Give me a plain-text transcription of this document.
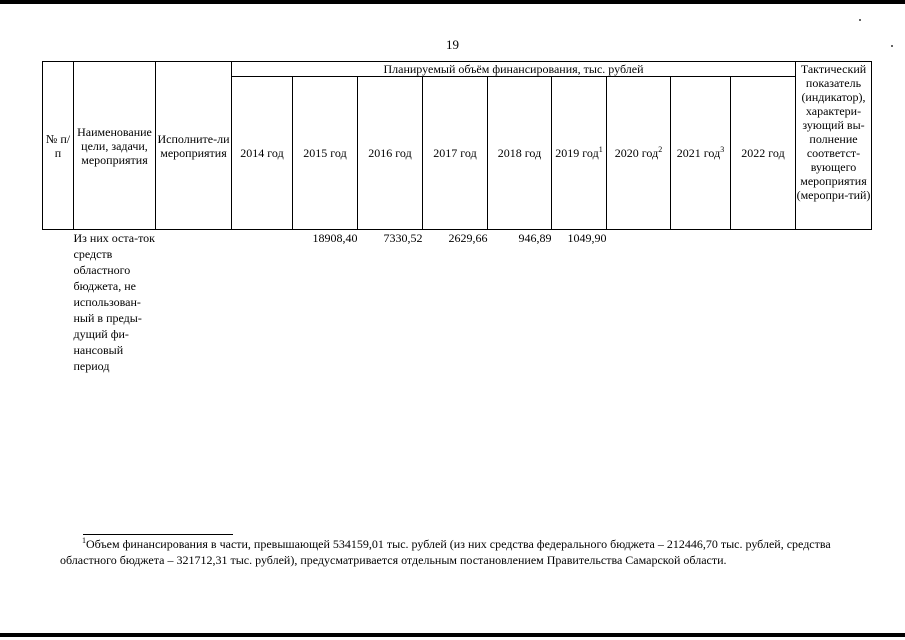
19
№ п/п	Наименование цели, задачи, мероприятия	Исполните-ли мероприятия	Планируемый объём финансирования, тыс. рублей									Тактический показатель (индикатор), характери-зующий вы-полнение соответст-вующего мероприятия (меропри-тий)
			2014 год	2015 год	2016 год	2017 год	2018 год	2019 год$^1$	2020 год$^2$	2021 год$^3$	2022 год	
	Из них оста-ток средств областного бюджета, не использован-ный в преды-дущий фи-нансовый период			18908,40	7330,52	2629,66	946,89	1049,90				
$^1$Объем финансирования в части, превышающей 534159,01 тыс. рублей (из них средства федерального бюджета – 212446,70 тыс. рублей, средства областного бюджета – 321712,31 тыс. рублей), предусматривается отдельным постановлением Правительства Самарской области.
